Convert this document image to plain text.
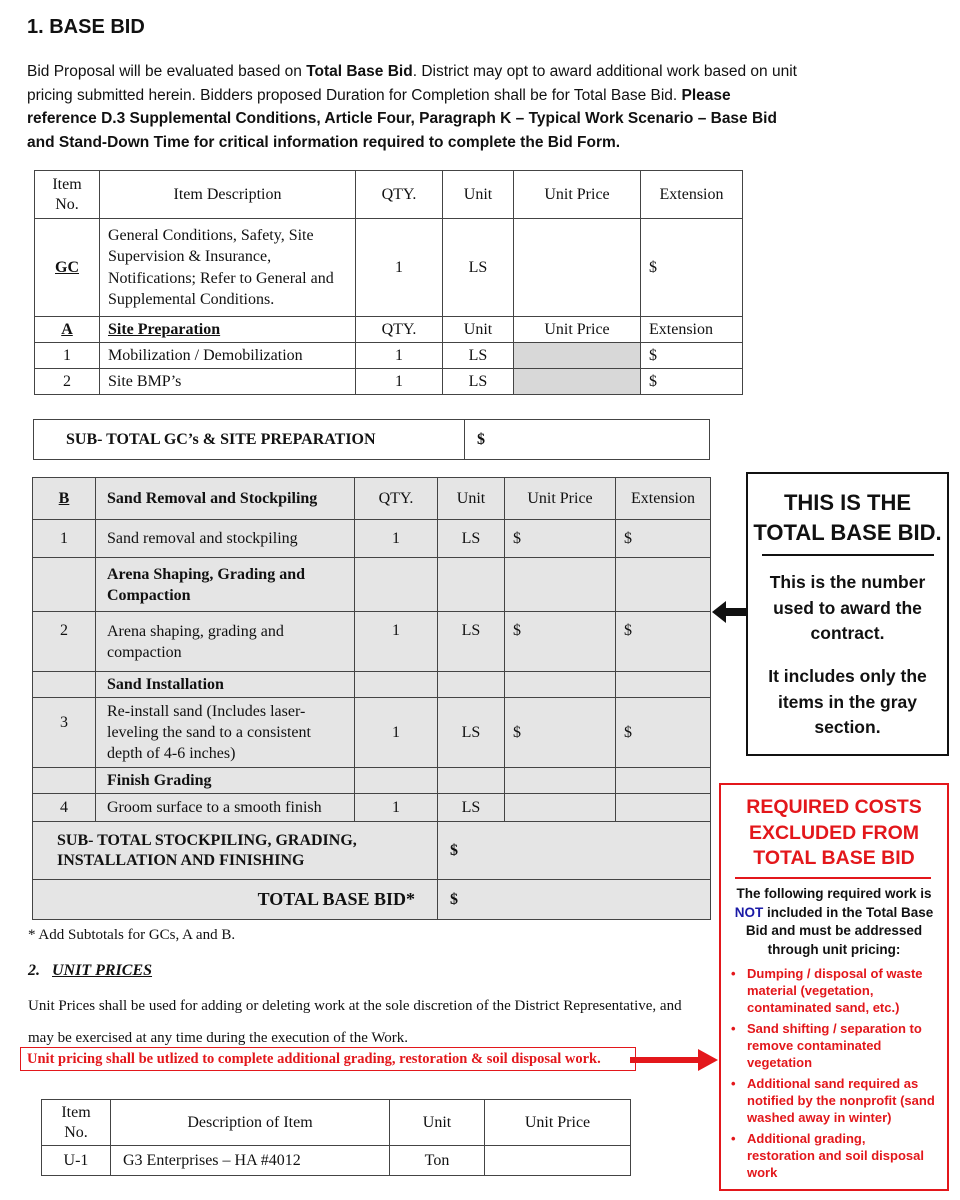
1. BASE BID
Bid Proposal will be evaluated based on Total Base Bid. District may opt to award additional work based on unit pricing submitted herein. Bidders proposed Duration for Completion shall be for Total Base Bid. Please reference D.3 Supplemental Conditions, Article Four, Paragraph K – Typical Work Scenario – Base Bid and Stand-Down Time for critical information required to complete the Bid Form.
Item No.	Item Description	QTY.	Unit	Unit Price	Extension
GC	General Conditions, Safety, Site Supervision & Insurance, Notifications; Refer to General and Supplemental Conditions.	1	LS		$
A	Site Preparation	QTY.	Unit	Unit Price	Extension
1	Mobilization / Demobilization	1	LS		$
2	Site BMP’s	1	LS		$
SUB- TOTAL GC’s & SITE PREPARATION	$
B	Sand Removal and Stockpiling	QTY.	Unit	Unit Price	Extension
1	Sand removal and stockpiling	1	LS	$	$
	Arena Shaping, Grading and Compaction				
2	Arena shaping, grading and compaction	1	LS	$	$
	Sand Installation				
3	Re-install sand (Includes laser-leveling the sand to a consistent depth of 4-6 inches)	1	LS	$	$
	Finish Grading				
4	Groom surface to a smooth finish	1	LS		
SUB- TOTAL STOCKPILING, GRADING, INSTALLATION AND FINISHING			$		
TOTAL BASE BID*			$		
* Add Subtotals for GCs, A and B.
2. UNIT PRICES
Unit Prices shall be used for adding or deleting work at the sole discretion of the District Representative, and may be exercised at any time during the execution of the Work.
Unit pricing shall be utlized to complete additional grading, restoration & soil disposal work.
Item No.	Description of Item	Unit	Unit Price
U-1	G3 Enterprises – HA #4012	Ton	
THIS IS THE TOTAL BASE BID.
This is the number used to award the contract.
It includes only the items in the gray section.
REQUIRED COSTS EXCLUDED FROM TOTAL BASE BID
The following required work is NOT included in the Total Base Bid and must be addressed through unit pricing:
• Dumping / disposal of waste material (vegetation, contaminated sand, etc.)
• Sand shifting / separation to remove contaminated vegetation
• Additional sand required as notified by the nonprofit (sand washed away in winter)
• Additional grading, restoration and soil disposal work
